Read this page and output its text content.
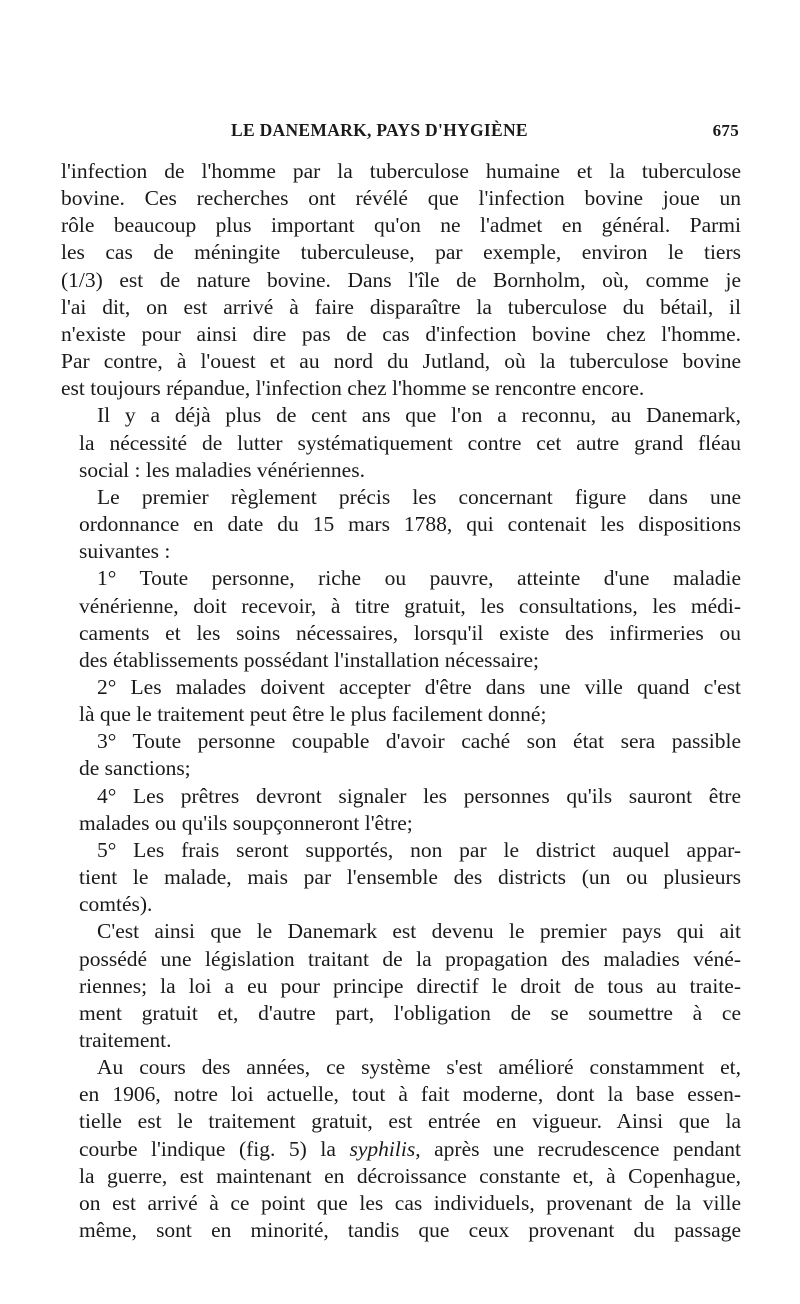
LE DANEMARK, PAYS D'HYGIÈNE	675

l'infection de l'homme par la tuberculose humaine et la tuberculose
bovine. Ces recherches ont révélé que l'infection bovine joue un
rôle beaucoup plus important qu'on ne l'admet en général. Parmi
les cas de méningite tuberculeuse, par exemple, environ le tiers
(1/3) est de nature bovine. Dans l'île de Bornholm, où, comme je
l'ai dit, on est arrivé à faire disparaître la tuberculose du bétail, il
n'existe pour ainsi dire pas de cas d'infection bovine chez l'homme.
Par contre, à l'ouest et au nord du Jutland, où la tuberculose bovine
est toujours répandue, l'infection chez l'homme se rencontre encore.

Il y a déjà plus de cent ans que l'on a reconnu, au Danemark,
la nécessité de lutter systématiquement contre cet autre grand fléau
social : les maladies vénériennes.

Le premier règlement précis les concernant figure dans une
ordonnance en date du 15 mars 1788, qui contenait les dispositions
suivantes :

1° Toute personne, riche ou pauvre, atteinte d'une maladie
vénérienne, doit recevoir, à titre gratuit, les consultations, les médi-
caments et les soins nécessaires, lorsqu'il existe des infirmeries ou
des établissements possédant l'installation nécessaire;

2° Les malades doivent accepter d'être dans une ville quand c'est
là que le traitement peut être le plus facilement donné;

3° Toute personne coupable d'avoir caché son état sera passible
de sanctions;

4° Les prêtres devront signaler les personnes qu'ils sauront être
malades ou qu'ils soupçonneront l'être;

5° Les frais seront supportés, non par le district auquel appar-
tient le malade, mais par l'ensemble des districts (un ou plusieurs
comtés).

C'est ainsi que le Danemark est devenu le premier pays qui ait
possédé une législation traitant de la propagation des maladies véné-
riennes; la loi a eu pour principe directif le droit de tous au traite-
ment gratuit et, d'autre part, l'obligation de se soumettre à ce
traitement.

Au cours des années, ce système s'est amélioré constamment et,
en 1906, notre loi actuelle, tout à fait moderne, dont la base essen-
tielle est le traitement gratuit, est entrée en vigueur. Ainsi que la
courbe l'indique (fig. 5) la syphilis, après une recrudescence pendant
la guerre, est maintenant en décroissance constante et, à Copenhague,
on est arrivé à ce point que les cas individuels, provenant de la ville
même, sont en minorité, tandis que ceux provenant du passage
